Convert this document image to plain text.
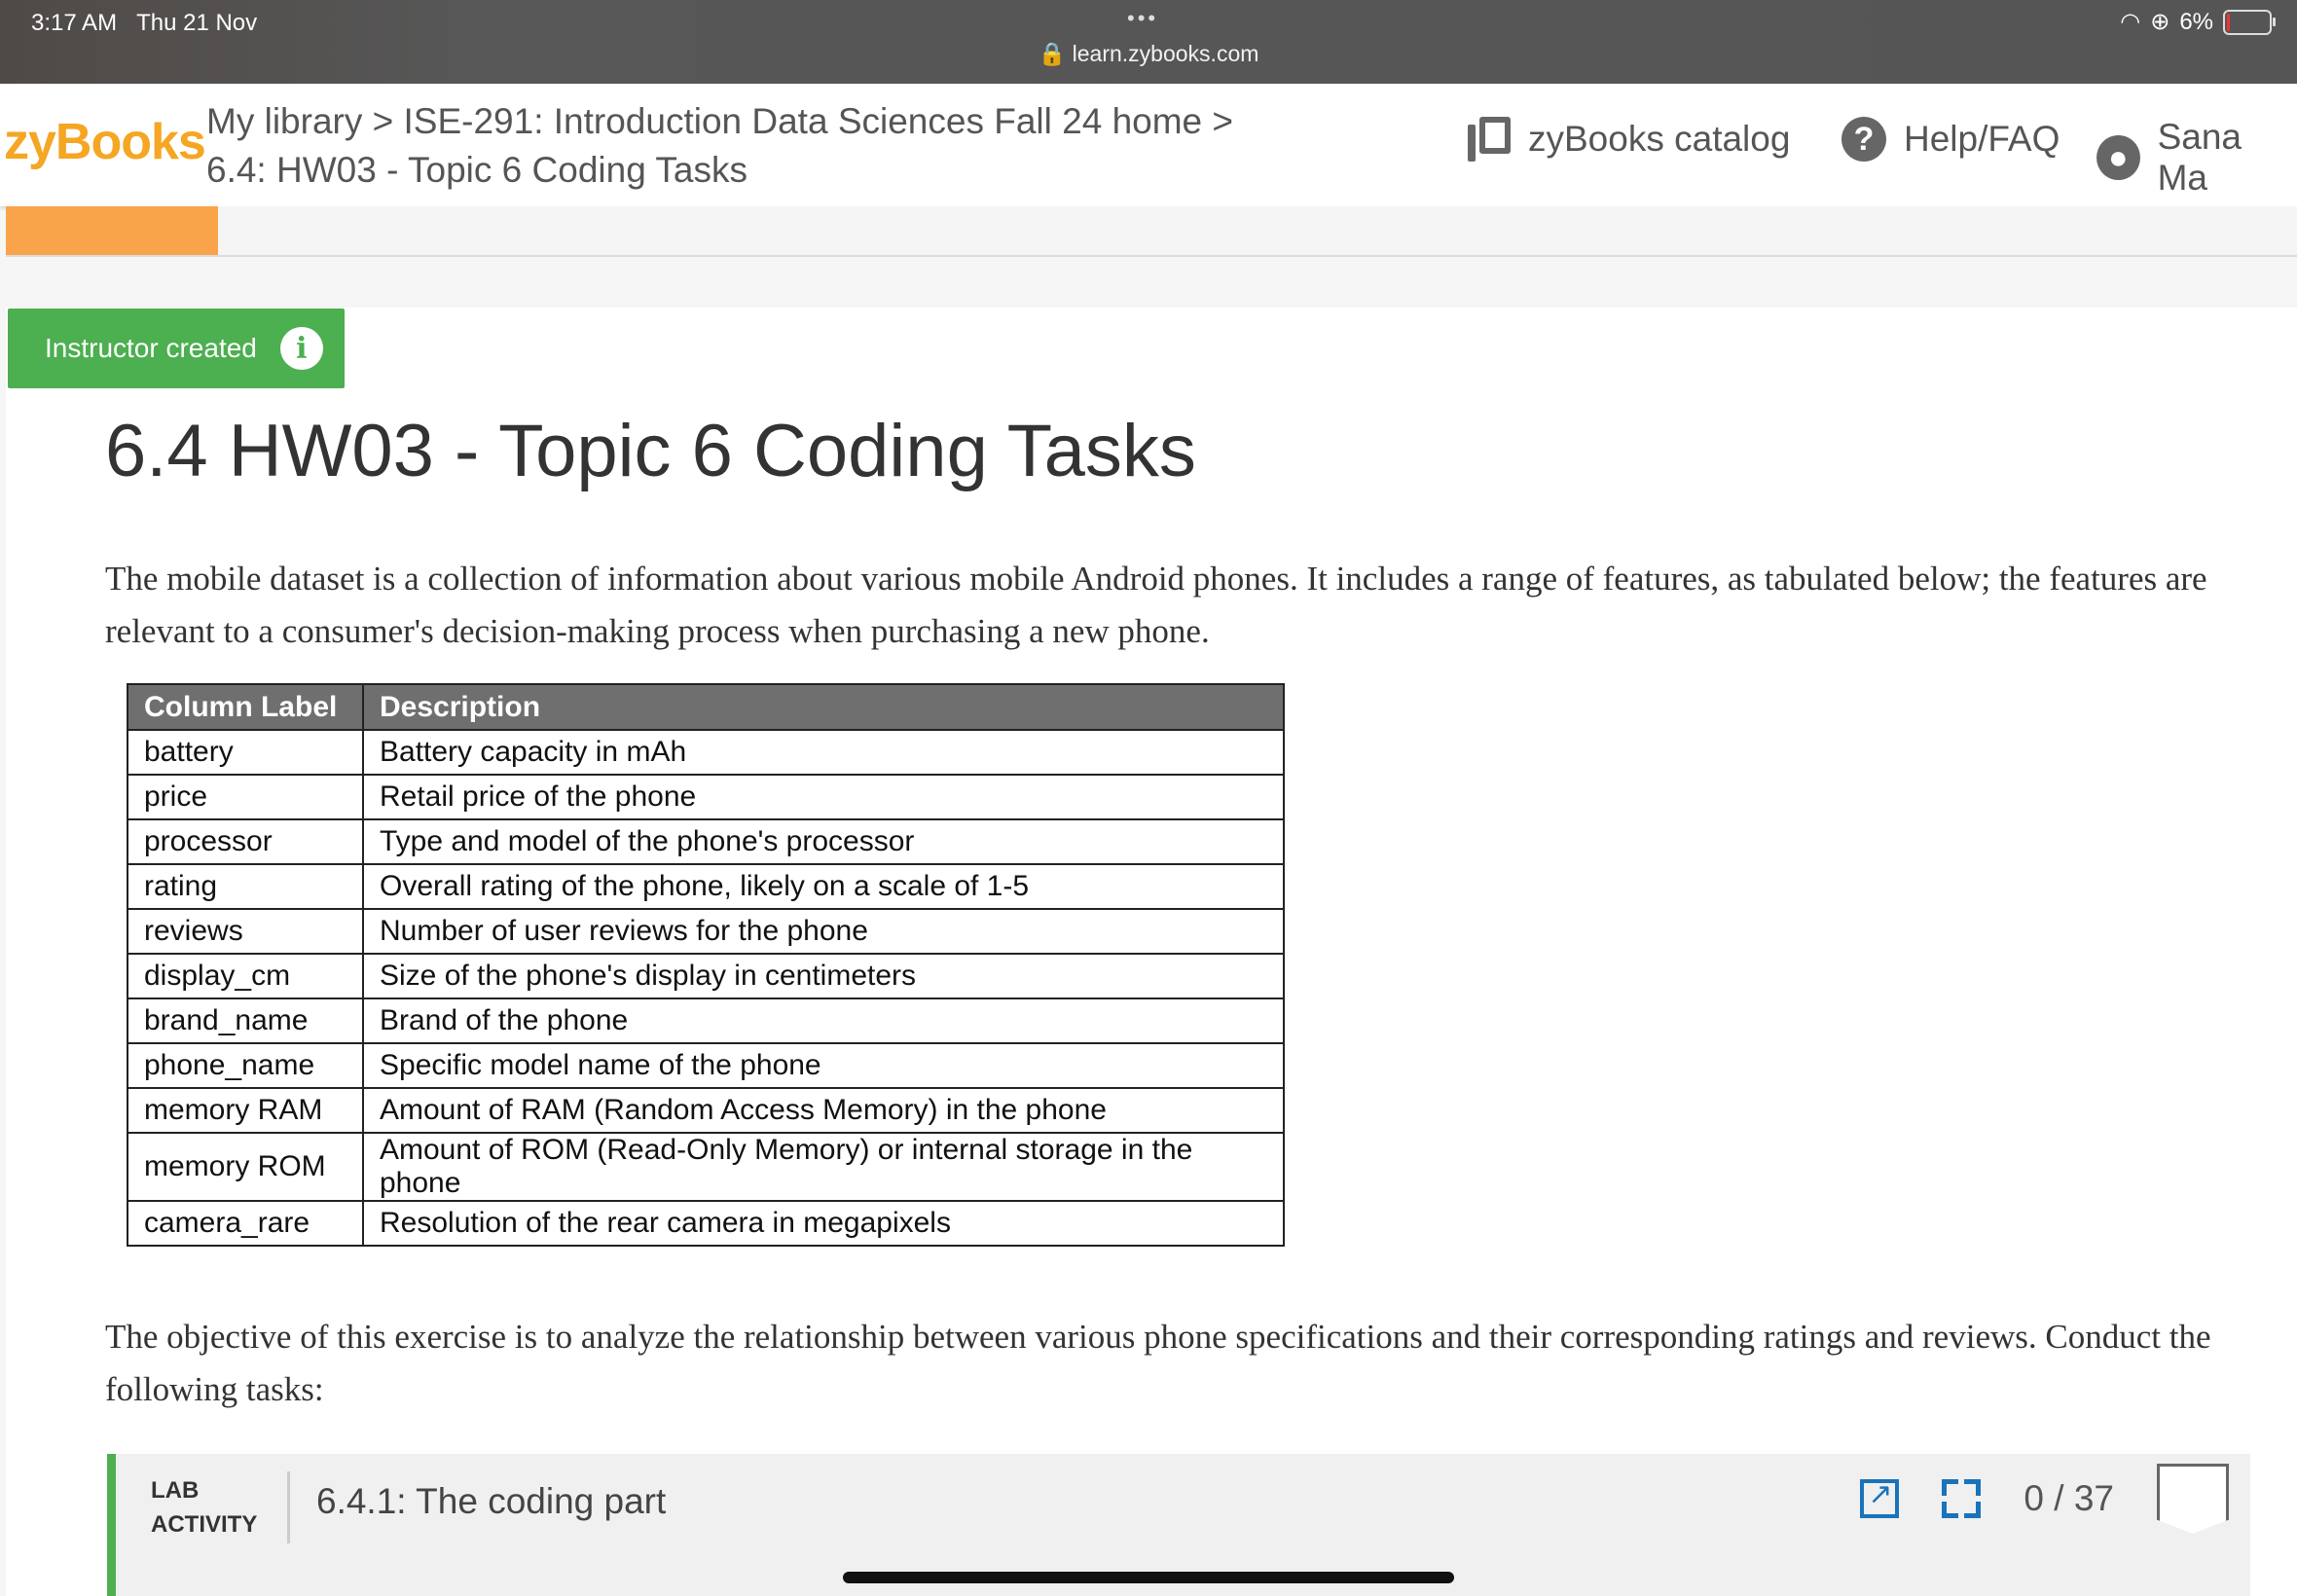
3:17 AM Thu 21 Nov	•••
🔒 learn.zybooks.com
◠ ⊕ 6%
zyBooks My library > ISE-291: Introduction Data Sciences Fall 24 home >
6.4: HW03 - Topic 6 Coding Tasks
zyBooks catalog	? Help/FAQ	●
Sana Ma
Instructor created	i
6.4 HW03 - Topic 6 Coding Tasks

The mobile dataset is a collection of information about various mobile Android phones. It includes a range of features, as tabulated below; the features are relevant to a consumer's decision-making process when purchasing a new phone.

Column Label	Description
battery	Battery capacity in mAh
price	Retail price of the phone
processor	Type and model of the phone's processor
rating	Overall rating of the phone, likely on a scale of 1-5
reviews	Number of user reviews for the phone
display_cm	Size of the phone's display in centimeters
brand_name	Brand of the phone
phone_name	Specific model name of the phone
memory RAM	Amount of RAM (Random Access Memory) in the phone
memory ROM	Amount of ROM (Read-Only Memory) or internal storage in the phone
camera_rare	Resolution of the rear camera in megapixels

The objective of this exercise is to analyze the relationship between various phone specifications and their corresponding ratings and reviews. Conduct the following tasks:

LAB
ACTIVITY
6.4.1: The coding part ↗	0 / 37
